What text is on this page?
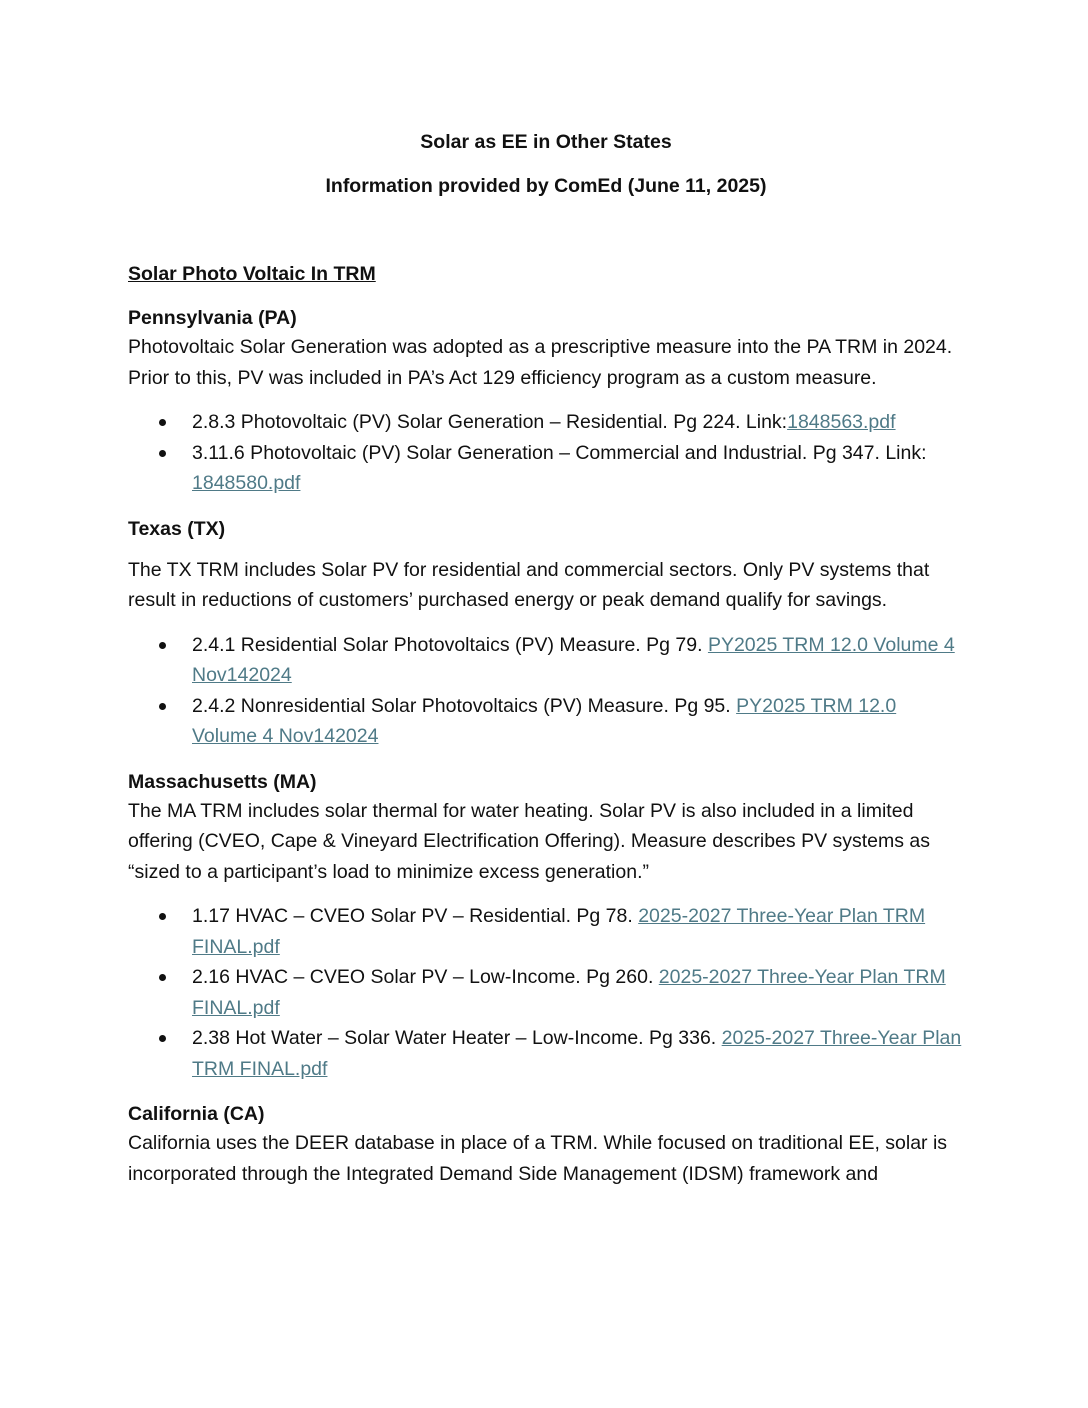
Solar as EE in Other States

Information provided by ComEd (June 11, 2025)

Solar Photo Voltaic In TRM

Pennsylvania (PA)

Photovoltaic Solar Generation was adopted as a prescriptive measure into the PA TRM in 2024. Prior to this, PV was included in PA’s Act 129 efficiency program as a custom measure.

2.8.3 Photovoltaic (PV) Solar Generation – Residential. Pg 224. Link:1848563.pdf
3.11.6 Photovoltaic (PV) Solar Generation – Commercial and Industrial. Pg 347. Link: 1848580.pdf

Texas (TX)

The TX TRM includes Solar PV for residential and commercial sectors. Only PV systems that result in reductions of customers’ purchased energy or peak demand qualify for savings.

2.4.1 Residential Solar Photovoltaics (PV) Measure. Pg 79. PY2025 TRM 12.0 Volume 4 Nov142024
2.4.2 Nonresidential Solar Photovoltaics (PV) Measure. Pg 95. PY2025 TRM 12.0 Volume 4 Nov142024

Massachusetts (MA)

The MA TRM includes solar thermal for water heating. Solar PV is also included in a limited offering (CVEO, Cape & Vineyard Electrification Offering). Measure describes PV systems as “sized to a participant’s load to minimize excess generation.”

1.17 HVAC – CVEO Solar PV – Residential. Pg 78. 2025-2027 Three-Year Plan TRM FINAL.pdf
2.16 HVAC – CVEO Solar PV – Low-Income. Pg 260. 2025-2027 Three-Year Plan TRM FINAL.pdf
2.38 Hot Water – Solar Water Heater – Low-Income. Pg 336. 2025-2027 Three-Year Plan TRM FINAL.pdf

California (CA)

California uses the DEER database in place of a TRM. While focused on traditional EE, solar is incorporated through the Integrated Demand Side Management (IDSM) framework and
